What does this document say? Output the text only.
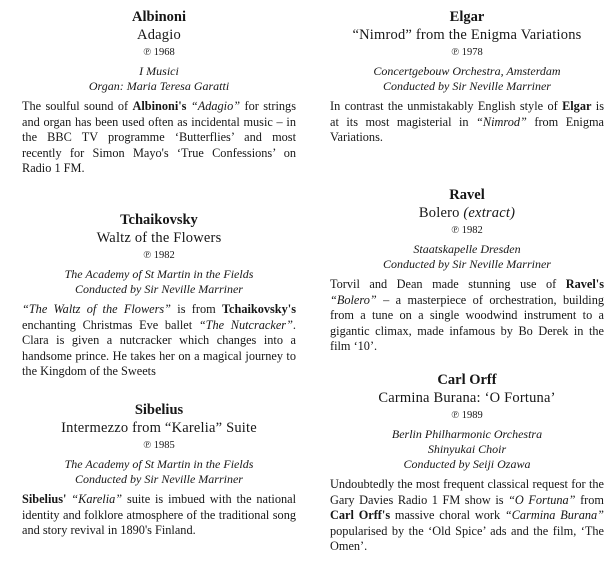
Albinoni
Adagio
℗ 1968
I Musici
Organ: Maria Teresa Garatti

The soulful sound of Albinoni's “Adagio” for strings and organ has been used often as incidental music – in the BBC TV programme ‘Butterflies’ and most recently for Simon Mayo's ‘True Confessions’ on Radio 1 FM.

Tchaikovsky
Waltz of the Flowers
℗ 1982
The Academy of St Martin in the Fields
Conducted by Sir Neville Marriner

“The Waltz of the Flowers” is from Tchaikovsky's enchanting Christmas Eve ballet “The Nutcracker”. Clara is given a nutcracker which changes into a handsome prince. He takes her on a magical journey to the Kingdom of the Sweets

Sibelius
Intermezzo from “Karelia” Suite
℗ 1985
The Academy of St Martin in the Fields
Conducted by Sir Neville Marriner

Sibelius' “Karelia” suite is imbued with the national identity and folklore atmosphere of the traditional song and story revival in 1890's Finland.

Elgar
“Nimrod” from the Enigma Variations
℗ 1978
Concertgebouw Orchestra, Amsterdam
Conducted by Sir Neville Marriner

In contrast the unmistakably English style of Elgar is at its most magisterial in “Nimrod” from Enigma Variations.

Ravel
Bolero (extract)
℗ 1982
Staatskapelle Dresden
Conducted by Sir Neville Marriner

Torvil and Dean made stunning use of Ravel's “Bolero” – a masterpiece of orchestration, building from a tune on a single woodwind instrument to a gigantic climax, made infamous by Bo Derek in the film ‘10’.

Carl Orff
Carmina Burana: ‘O Fortuna’
℗ 1989
Berlin Philharmonic Orchestra
Shinyukai Choir
Conducted by Seiji Ozawa

Undoubtedly the most frequent classical request for the Gary Davies Radio 1 FM show is “O Fortuna” from Carl Orff's massive choral work “Carmina Burana” popularised by the ‘Old Spice’ ads and the film, ‘The Omen’.
